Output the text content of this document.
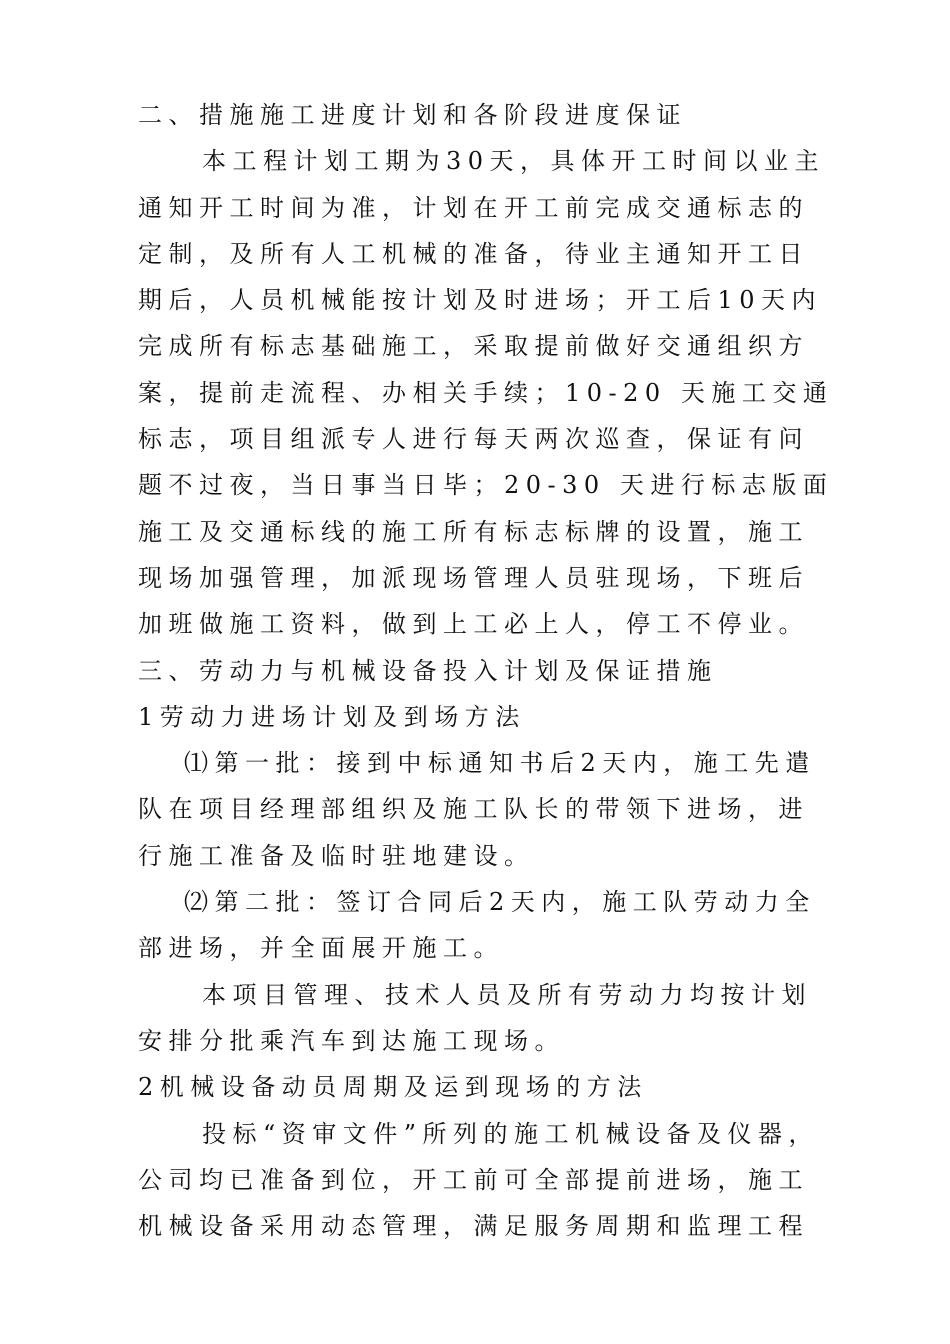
二、措施施工进度计划和各阶段进度保证
本工程计划工期为30天，具体开工时间以业主
通知开工时间为准，计划在开工前完成交通标志的
定制，及所有人工机械的准备，待业主通知开工日
期后，人员机械能按计划及时进场；开工后10天内
完成所有标志基础施工，采取提前做好交通组织方
案，提前走流程、办相关手续；10-20 天施工交通
标志，项目组派专人进行每天两次巡查，保证有问
题不过夜，当日事当日毕；20-30 天进行标志版面
施工及交通标线的施工所有标志标牌的设置，施工
现场加强管理，加派现场管理人员驻现场，下班后
加班做施工资料，做到上工必上人，停工不停业。
三、劳动力与机械设备投入计划及保证措施
1劳动力进场计划及到场方法
⑴第一批：接到中标通知书后2天内，施工先遣
队在项目经理部组织及施工队长的带领下进场，进
行施工准备及临时驻地建设。
⑵第二批：签订合同后2天内，施工队劳动力全
部进场，并全面展开施工。
本项目管理、技术人员及所有劳动力均按计划
安排分批乘汽车到达施工现场。
2机械设备动员周期及运到现场的方法
投标“资审文件”所列的施工机械设备及仪器，
公司均已准备到位，开工前可全部提前进场，施工
机械设备采用动态管理，满足服务周期和监理工程
